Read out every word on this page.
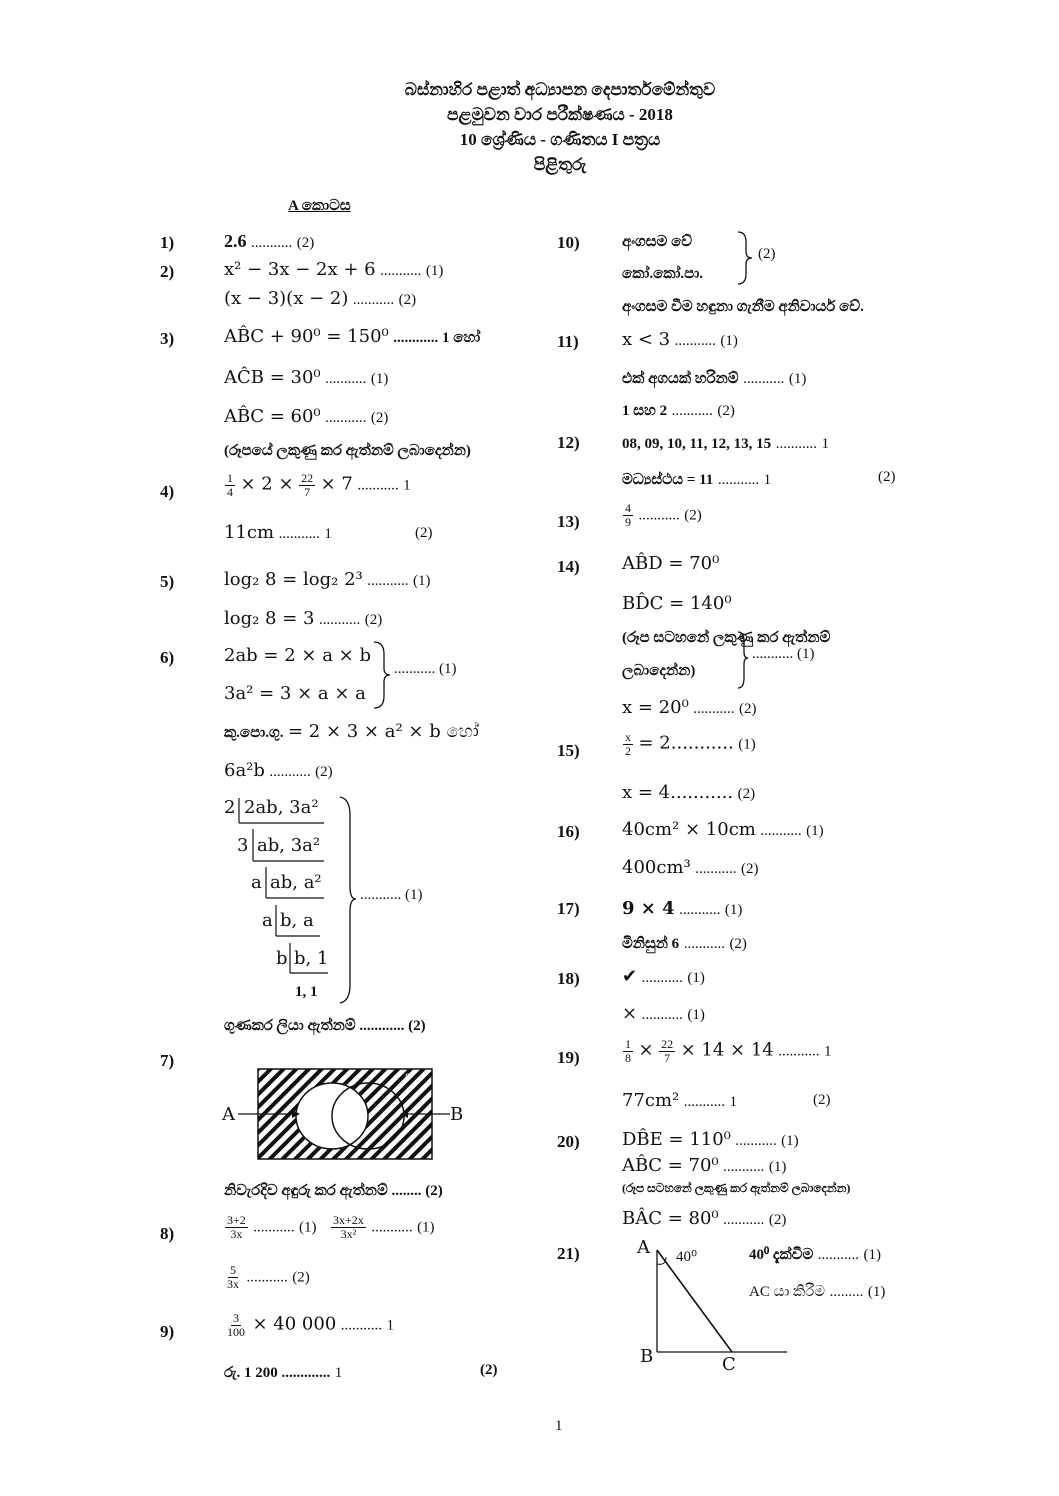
බස්නාහිර පළාත් අධ්‍යාපන දෙපාර්තමේන්තුව
පළමුවන වාර පරීක්ෂණය - 2018
10 ශ්‍රේණිය - ගණිතය I පත්‍රය
පිළිතුරු
A කොටස
1)	2.6 ........... (2)
2)	x² − 3x − 2x + 6 ........... (1)
(x − 3)(x − 2) ........... (2)
3)	AB̂C + 90⁰ = 150⁰ ............ 1 හෝ
AĈB = 30⁰ ........... (1)
AB̂C = 60⁰ ........... (2)
(රූපයේ ලකුණු කර ඇත්නම් ලබාදෙන්න)
4)	$\frac{1}{4} \times 2 \times \frac{22}{7} \times 7$ ........... 1
11cm ........... 1	(2)
5)	log₂ 8 = log₂ 2³ ........... (1)
log₂ 8 = 3 ........... (2)
6)	2ab = 2 × a × b
3a² = 3 × a × a
........... (1)
කු.පො.ගු. = 2 × 3 × a² × b හෝ
6a²b ........... (2)
2 2ab, 3a²
3 ab, 3a²
a ab, a²
a b, a
b b, 1
1, 1
........... (1)
ගුණකර ලියා ඇත්නම් ............ (2)
7)
A	B
ε
නිවැරදිව අඳුරු කර ඇත්නම් ........ (2)
8)	$\frac{3+2}{3x}$ ........... $(1) \frac{3x+2x}{\text{3x²}}$ ........... (1)
$\frac{5}{3x}$ ........... (2)
9)	$\frac{3}{100} \times 40$ 000 ........... 1
රු. 1 200 ............. 1	(2)
10)	අංගසම වේ
කෝ.කෝ.පා.
(2)
අංගසම වීම හඳුනා ගැනීම අනිවාර්ය වේ.
11) x < 3 ........... (1)
එක් අගයක් හරිනම් ........... (1)
1 සහ 2 ........... (2)
12)	08, 09, 10, 11, 12, 13, 15 ........... 1
මධ්‍යස්ථය = 11 ........... 1	(2)
13)	$\frac{4}{9}$ ........... (2)
14) AB̂D = 70⁰
BD̂C = 140⁰
(රූප සටහනේ ලකුණු කර ඇත්නම්
ලබාදෙන්න)
........... (1)
x = 20⁰ ........... (2)
15)	$\frac{x}{2} = 2$........... (1)
x = 4........... (2)
16) 40cm² × 10cm ........... (1)
400cm³ ........... (2)
17) 9 × 4 ........... (1)
මිනිසුන් 6 ........... (2)
18) ✔ ........... (1)
× ........... (1)
19)	$\frac{1}{8} \times \frac{22}{7} \times 14 \times 14$ ........... 1
77cm² ........... 1	(2)
20) DB̂E = 110⁰ ........... (1)
AB̂C = 70⁰ ........... (1)
(රූප සටහනේ ලකුණු කර ඇත්නම් ලබාදෙන්න)
BÂC = 80⁰ ........... (2)
21)	A
B	C
40⁰	40⁰ දැක්වීම ........... (1)
AC යා කිරීම ......... (1)
1
